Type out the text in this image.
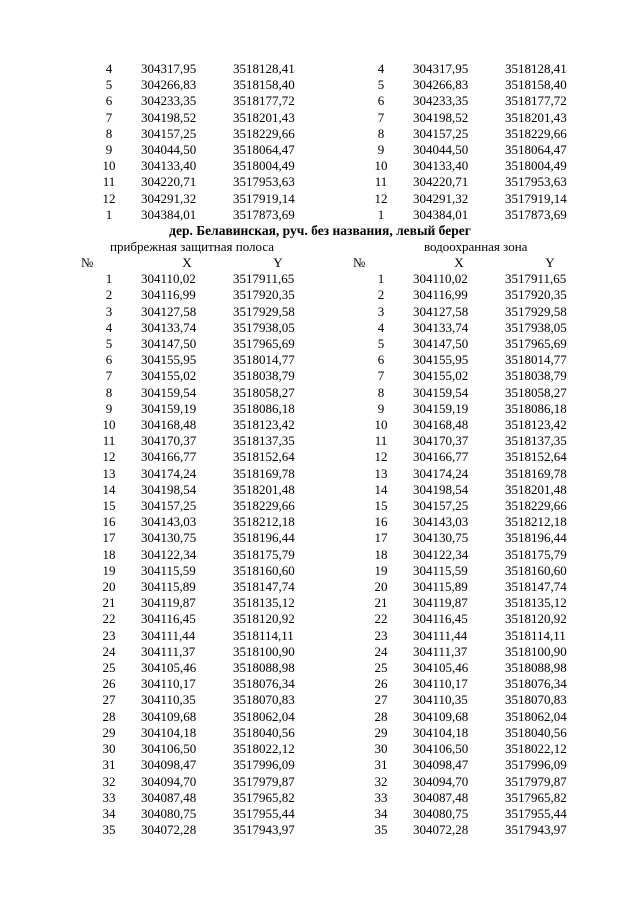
4	304317,95	3518128,41
5	304266,83	3518158,40
6	304233,35	3518177,72
7	304198,52	3518201,43
8	304157,25	3518229,66
9	304044,50	3518064,47
10	304133,40	3518004,49
11	304220,71	3517953,63
12	304291,32	3517919,14
1	304384,01	3517873,69
4	304317,95	3518128,41
5	304266,83	3518158,40
6	304233,35	3518177,72
7	304198,52	3518201,43
8	304157,25	3518229,66
9	304044,50	3518064,47
10	304133,40	3518004,49
11	304220,71	3517953,63
12	304291,32	3517919,14
1	304384,01	3517873,69
дер. Белавинская, руч. без названия, левый берег
прибрежная защитная полоса	водоохранная зона
№	X	Y
1	304110,02	3517911,65
2	304116,99	3517920,35
3	304127,58	3517929,58
4	304133,74	3517938,05
5	304147,50	3517965,69
6	304155,95	3518014,77
7	304155,02	3518038,79
8	304159,54	3518058,27
9	304159,19	3518086,18
10	304168,48	3518123,42
11	304170,37	3518137,35
12	304166,77	3518152,64
13	304174,24	3518169,78
14	304198,54	3518201,48
15	304157,25	3518229,66
16	304143,03	3518212,18
17	304130,75	3518196,44
18	304122,34	3518175,79
19	304115,59	3518160,60
20	304115,89	3518147,74
21	304119,87	3518135,12
22	304116,45	3518120,92
23	304111,44	3518114,11
24	304111,37	3518100,90
25	304105,46	3518088,98
26	304110,17	3518076,34
27	304110,35	3518070,83
28	304109,68	3518062,04
29	304104,18	3518040,56
30	304106,50	3518022,12
31	304098,47	3517996,09
32	304094,70	3517979,87
33	304087,48	3517965,82
34	304080,75	3517955,44
35	304072,28	3517943,97
№	X	Y
1	304110,02	3517911,65
2	304116,99	3517920,35
3	304127,58	3517929,58
4	304133,74	3517938,05
5	304147,50	3517965,69
6	304155,95	3518014,77
7	304155,02	3518038,79
8	304159,54	3518058,27
9	304159,19	3518086,18
10	304168,48	3518123,42
11	304170,37	3518137,35
12	304166,77	3518152,64
13	304174,24	3518169,78
14	304198,54	3518201,48
15	304157,25	3518229,66
16	304143,03	3518212,18
17	304130,75	3518196,44
18	304122,34	3518175,79
19	304115,59	3518160,60
20	304115,89	3518147,74
21	304119,87	3518135,12
22	304116,45	3518120,92
23	304111,44	3518114,11
24	304111,37	3518100,90
25	304105,46	3518088,98
26	304110,17	3518076,34
27	304110,35	3518070,83
28	304109,68	3518062,04
29	304104,18	3518040,56
30	304106,50	3518022,12
31	304098,47	3517996,09
32	304094,70	3517979,87
33	304087,48	3517965,82
34	304080,75	3517955,44
35	304072,28	3517943,97
